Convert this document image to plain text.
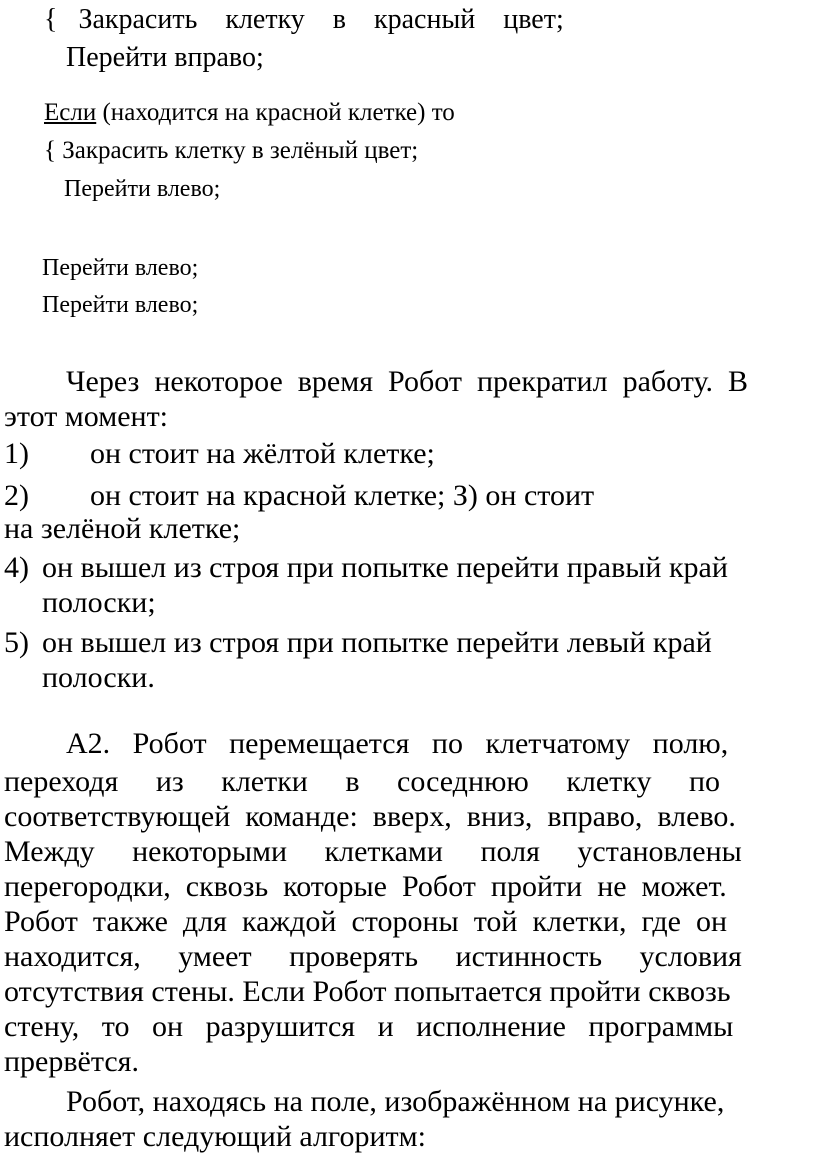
{   Закрасить    клетку    в    красный    цвет;
Перейти вправо;
Если (находится на красной клетке) то
{ Закрасить клетку в зелёный цвет;
Перейти влево;
Перейти влево;
Перейти влево;
Через  некоторое  время  Робот  прекратил  работу.  В
этот момент:
1) он стоит на жёлтой клетке;
2) он стоит на красной клетке; З) он стоит
на зелёной клетке;
4) он вышел из строя при попытке перейти правый край
полоски;
5) он вышел из строя при попытке перейти левый край
полоски.
А2.   Робот   перемещается   по   клетчатому   полю,
переходя     из     клетки     в     соседнюю     клетку     по
соответствующей  команде:  вверх,  вниз,  вправо,  влево.
Между     некоторыми     клетками     поля     установлены
перегородки,  сквозь  которые  Робот  пройти  не  может.
Робот  также  для  каждой  стороны  той  клетки,  где  он
находится,     умеет     проверять     истинность     условия
отсутствия стены. Если Робот попытается пройти сквозь
стену,   то   он   разрушится   и   исполнение   программы
прервётся.
Робот, находясь на поле, изображённом на рисунке,
исполняет следующий алгоритм:
